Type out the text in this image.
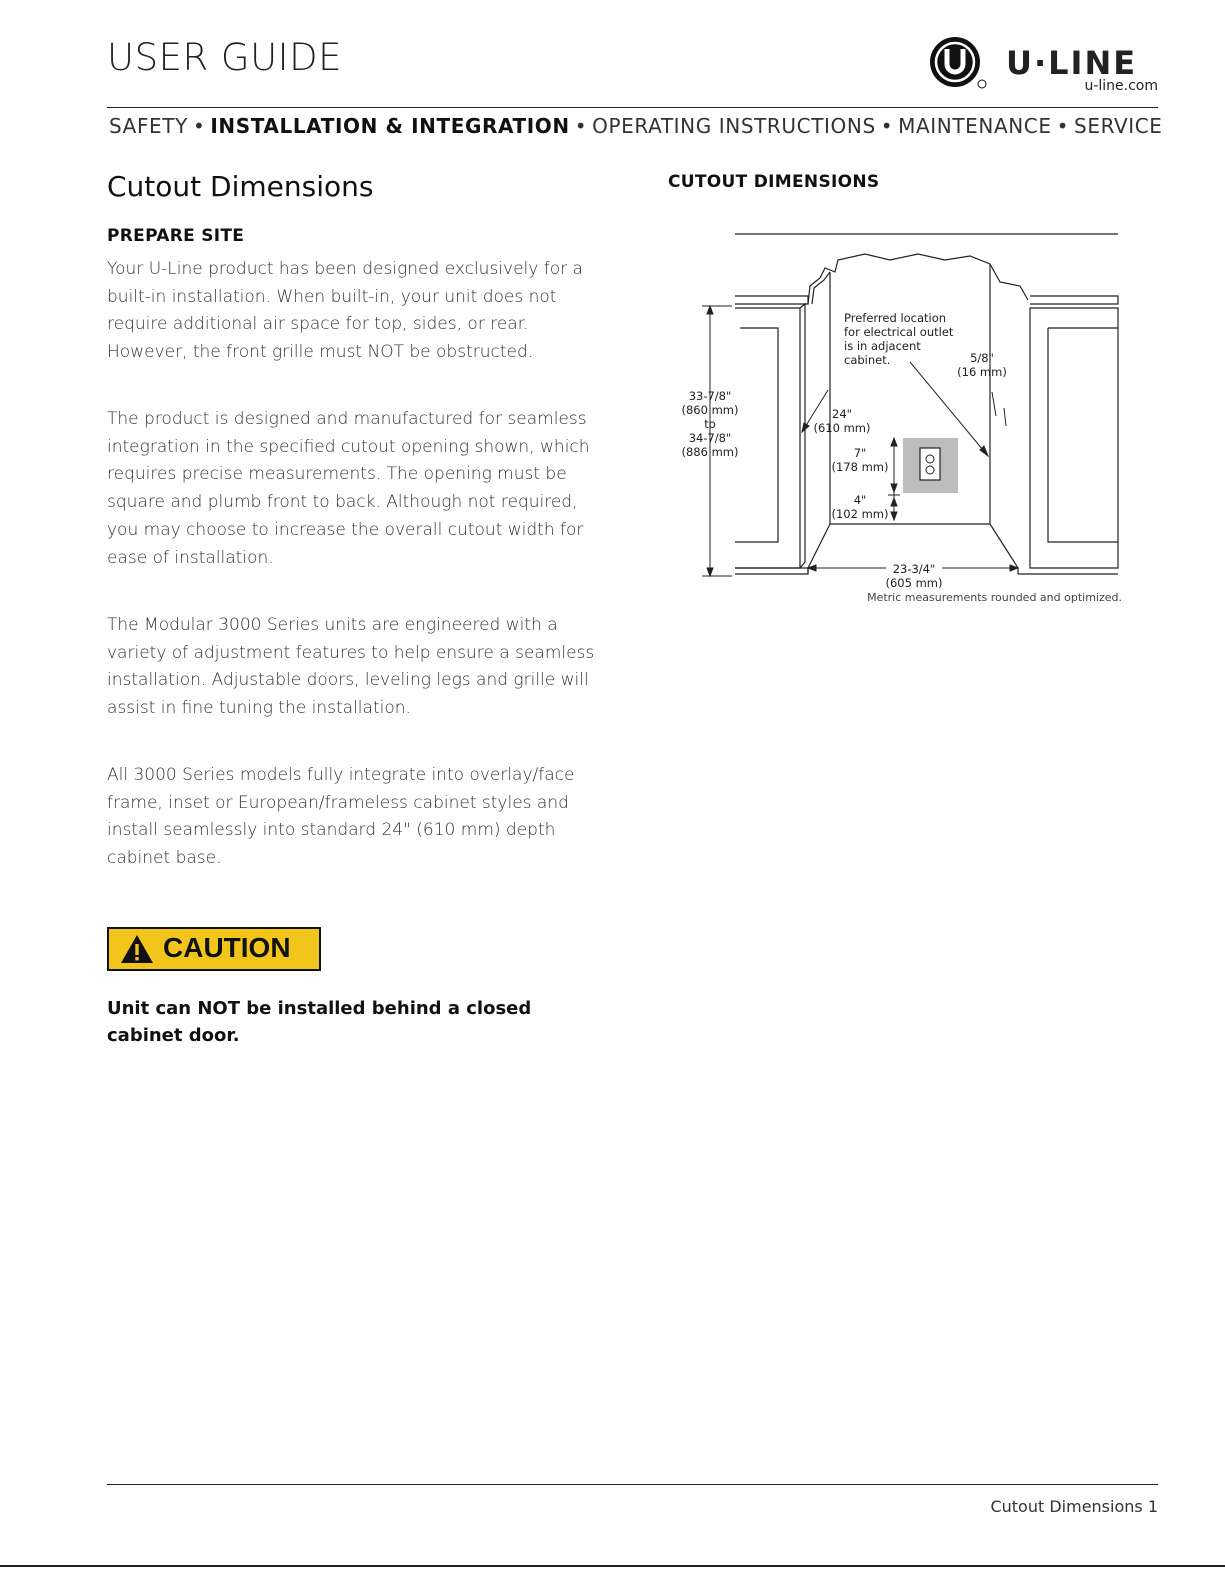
USER GUIDE	U·LINE
u-line.com
SAFETY • INSTALLATION & INTEGRATION • OPERATING INSTRUCTIONS • MAINTENANCE • SERVICE
Cutout Dimensions
PREPARE SITE
Your U-Line product has been designed exclusively for a built-in installation. When built-in, your unit does not require additional air space for top, sides, or rear. However, the front grille must NOT be obstructed.
The product is designed and manufactured for seamless integration in the specified cutout opening shown, which requires precise measurements. The opening must be square and plumb front to back. Although not required, you may choose to increase the overall cutout width for ease of installation.
The Modular 3000 Series units are engineered with a variety of adjustment features to help ensure a seamless installation. Adjustable doors, leveling legs and grille will assist in fine tuning the installation.
All 3000 Series models fully integrate into overlay/face frame, inset or European/frameless cabinet styles and install seamlessly into standard 24" (610 mm) depth cabinet base.
CAUTION
Unit can NOT be installed behind a closed cabinet door.
CUTOUT DIMENSIONS
Preferred location
for electrical outlet
is in adjacent
cabinet.
33-7/8"
(860 mm)
to
34-7/8"
(886 mm)
24"
(610 mm)
7"
(178 mm)
4"
(102 mm)
5/8"
(16 mm)
23-3/4"
(605 mm)
Metric measurements rounded and optimized.
Cutout Dimensions 1
